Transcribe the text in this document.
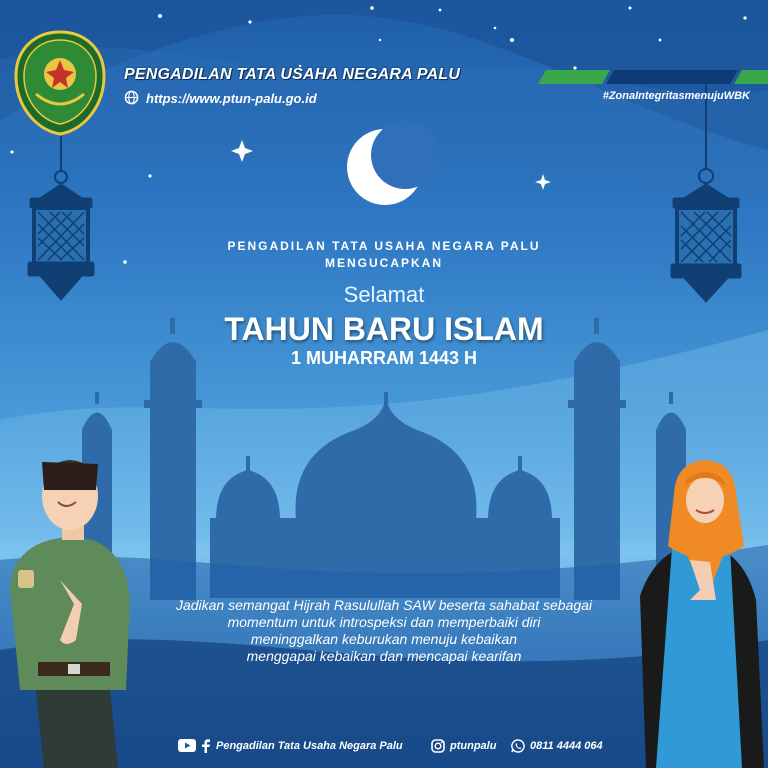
PENGADILAN TATA USAHA NEGARA PALU
https://www.ptun-palu.go.id	#ZonaIntegritasmenujuWBK
PENGADILAN TATA USAHA NEGARA PALU
MENGUCAPKAN
Selamat
TAHUN BARU ISLAM
1 MUHARRAM 1443 H
Jadikan semangat Hijrah Rasulullah SAW beserta sahabat sebagai
momentum untuk introspeksi dan memperbaiki diri
meninggalkan keburukan menuju kebaikan
menggapai kebaikan dan mencapai kearifan
Pengadilan Tata Usaha Negara Palu	ptunpalu	0811 4444 064
